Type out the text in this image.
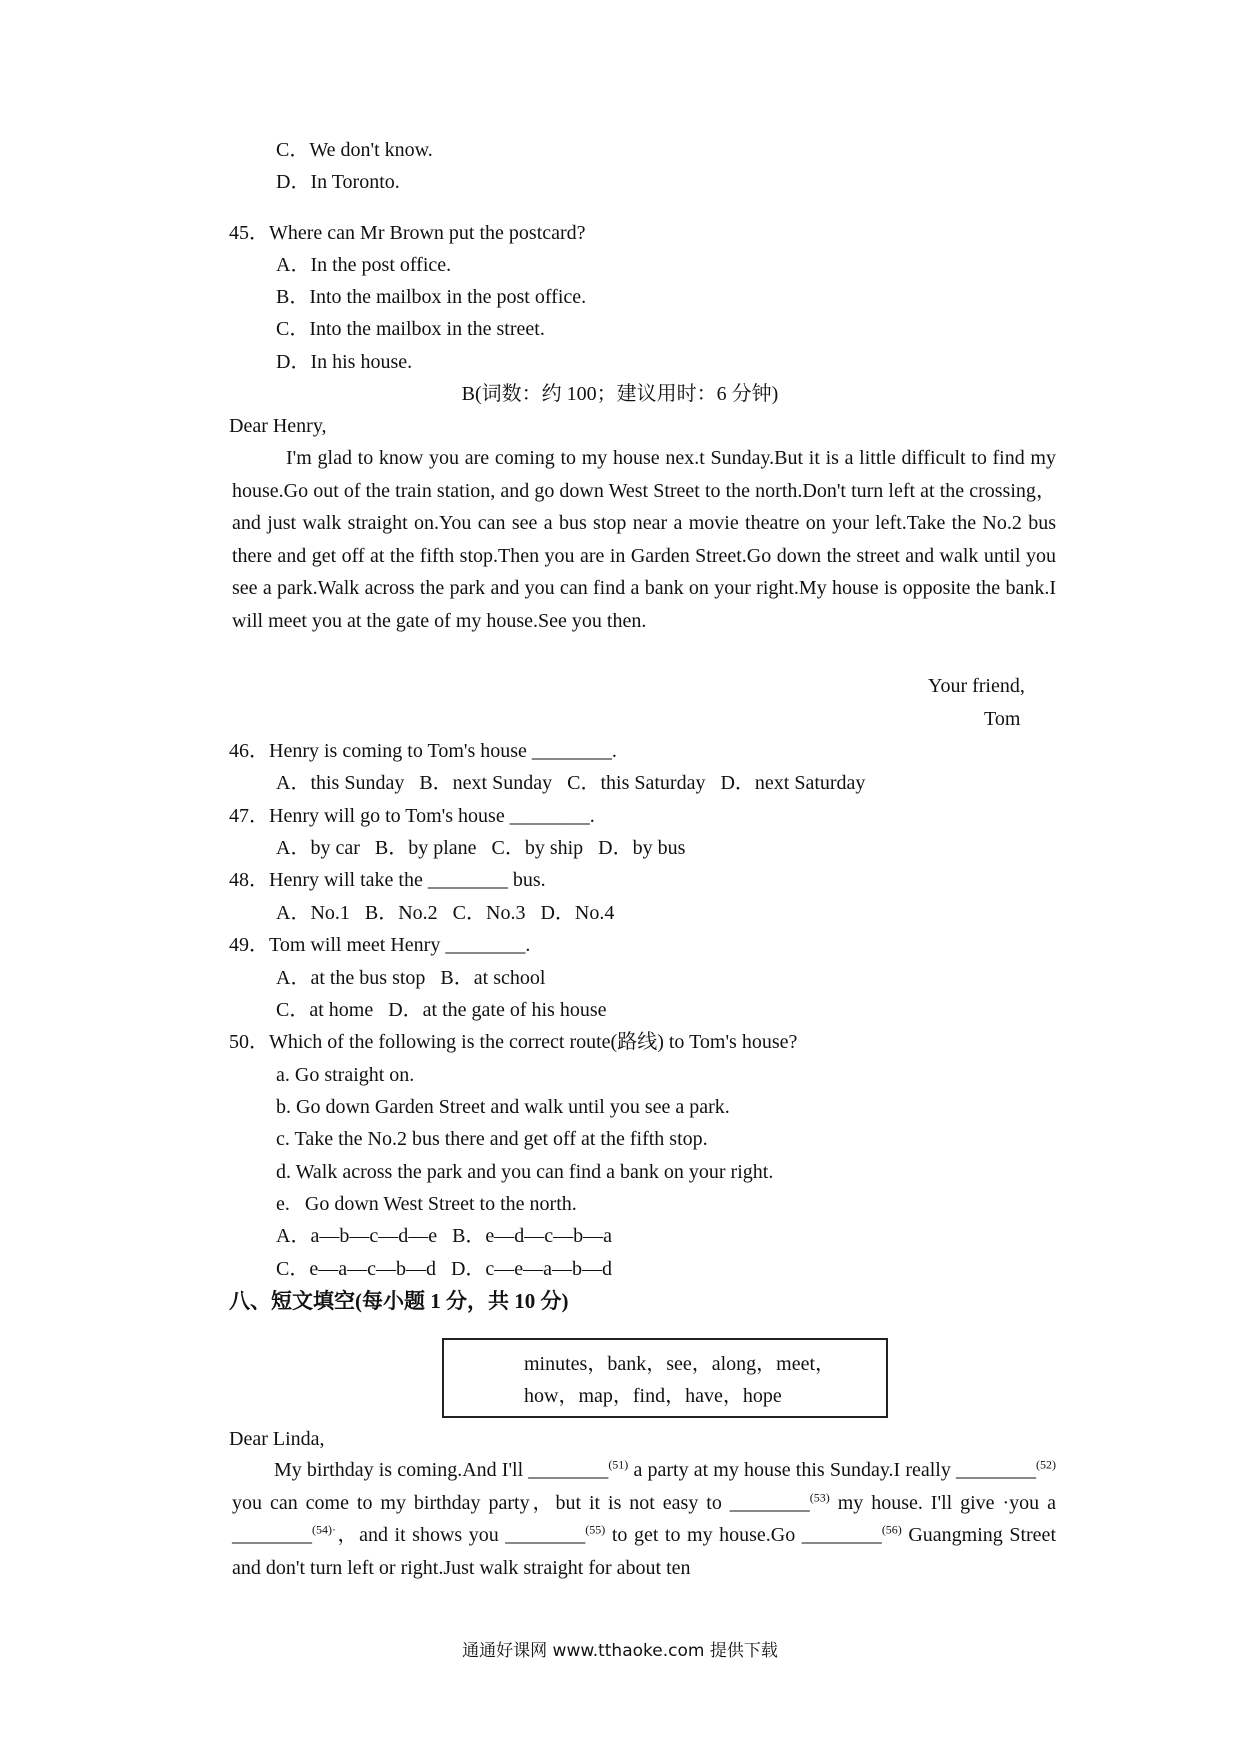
C．We don't know.

D．In Toronto.

45．Where can Mr Brown put the postcard?

A．In the post office.

B．Into the mailbox in the post office.

C．Into the mailbox in the street.

D．In his house.

B(词数：约 100；建议用时：6 分钟)

Dear Henry,

I'm glad to know you are coming to my house nex.t Sunday.But it is a little difficult to find my house.Go out of the train station, and go down West Street to the north.Don't turn left at the crossing，and just walk straight on.You can see a bus stop near a movie theatre on your left.Take the No.2 bus there and get off at the fifth stop.Then you are in Garden Street.Go down the street and walk until you see a park.Walk across the park and you can find a bank on your right.My house is opposite the bank.I will meet you at the gate of my house.See you then.

Your friend,

Tom

46．Henry is coming to Tom's house ________.

A．this Sunday   B．next Sunday   C．this Saturday   D．next Saturday

47．Henry will go to Tom's house ________.

A．by car   B．by plane   C．by ship   D．by bus

48．Henry will take the ________ bus.

A．No.1   B．No.2   C．No.3   D．No.4

49．Tom will meet Henry ________.

A．at the bus stop   B．at school

C．at home   D．at the gate of his house

50．Which of the following is the correct route(路线) to Tom's house?

a. Go straight on.

b. Go down Garden Street and walk until you see a park.

c. Take the No.2 bus there and get off at the fifth stop.

d. Walk across the park and you can find a bank on your right.

e.   Go down West Street to the north.

A．a—b—c—d—e   B．e—d—c—b—a

C．e—a—c—b—d   D．c—e—a—b—d

八、短文填空(每小题 1 分，共 10 分)

minutes，bank，see，along，meet，

how，map，find，have，hope

Dear Linda,

My birthday is coming.And I'll ________$^{(51)}$ a party at my house this Sunday.I really ________$^{(52)}$ you can come to my birthday party，but it is not easy to ________$^{(53)}$ my house. I'll give ·you a ________$^{(54)\cdot}$，and it shows you ________$^{(55)}$ to get to my house.Go ________$^{(56)}$ Guangming Street and don't turn left or right.Just walk straight for about ten

通通好课网 www.tthaoke.com 提供下载
